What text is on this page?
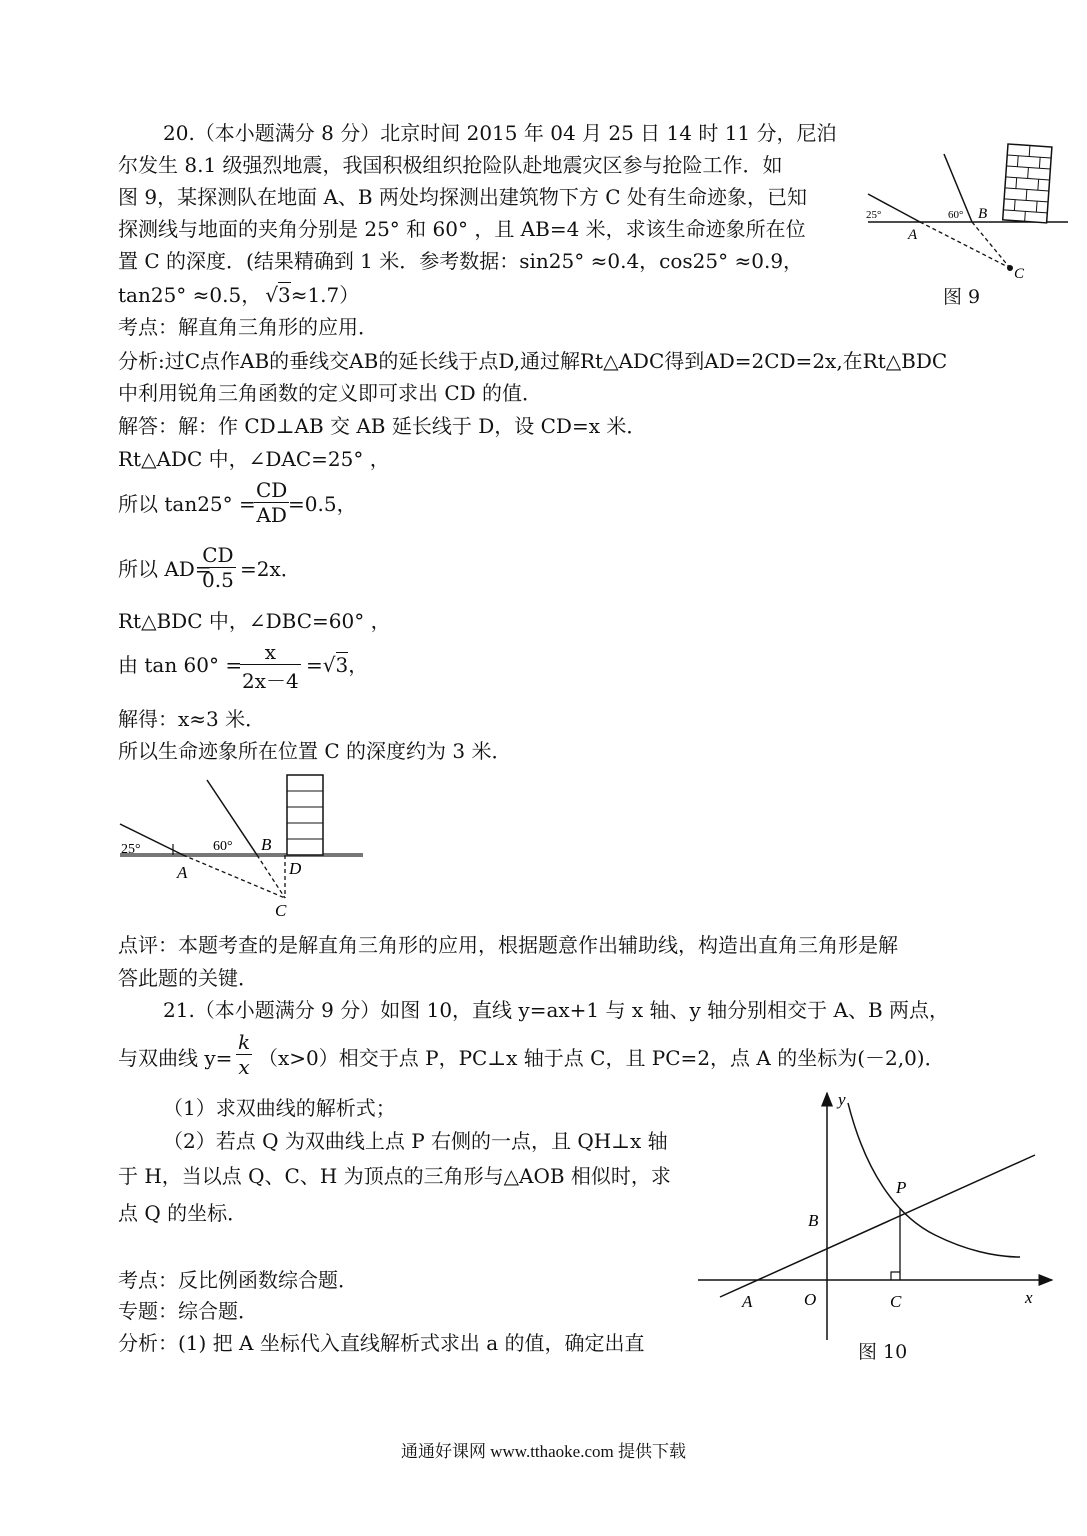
20.（本小题满分 8 分）北京时间 2015 年 04 月 25 日 14 时 11 分，尼泊
尔发生 8.1 级强烈地震，我国积极组织抢险队赴地震灾区参与抢险工作．如
图 9，某探测队在地面 A、B 两处均探测出建筑物下方 C 处有生命迹象，已知
探测线与地面的夹角分别是 25° 和 60° ，且 AB=4 米，求该生命迹象所在位
置 C 的深度．(结果精确到 1 米．参考数据：sin25° ≈0.4，cos25° ≈0.9，
tan25° ≈0.5， √3≈1.7）
25°	60°
A
B
C
图 9
考点：解直角三角形的应用．
分析:过C点作AB的垂线交AB的延长线于点D,通过解Rt△ADC得到AD=2CD=2x,在Rt△BDC
中利用锐角三角函数的定义即可求出 CD 的值．
解答：解：作 CD⊥AB 交 AB 延长线于 D，设 CD=x 米．
Rt△ADC 中，∠DAC=25° ，
所以 tan25° =
$\frac{CD}{AD}$
=0.5，
所以 AD=
$\frac{CD}{0.5} =2x$．
Rt△BDC 中，∠DBC=60° ，
由 tan 60° =
$\frac{x}{2x-4} =√3$，
解得：x≈3 米．
所以生命迹象所在位置 C 的深度约为 3 米．
25°	60°
A
B
C
D
点评：本题考查的是解直角三角形的应用，根据题意作出辅助线，构造出直角三角形是解
答此题的关键．
21.（本小题满分 9 分）如图 10，直线 y=ax+1 与 x 轴、y 轴分别相交于 A、B 两点，
与双曲线 $y= \frac{k}{x} (x>0)$相交于点 P，PC⊥x 轴于点 C，且 PC=2，点 A 的坐标为(－2,0)．
（1）求双曲线的解析式；
（2）若点 Q 为双曲线上点 P 右侧的一点，且 QH⊥x 轴
于 H，当以点 Q、C、H 为顶点的三角形与△AOB 相似时，求
点 Q 的坐标．
考点：反比例函数综合题．
专题：综合题．
分析：(1) 把 A 坐标代入直线解析式求出 a 的值，确定出直
y
x
O
A
B
C
P
图 10
通通好课网 www.tthaoke.com 提供下载
